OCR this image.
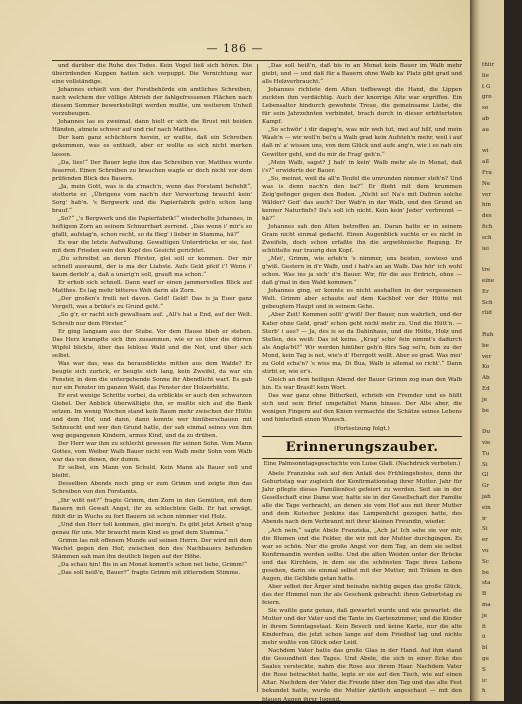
— 186 —

und darüber die Ruhe des Todes. Kein Vogel ließ sich hören. Die überirdenden Kuppen hatten sich verpuppt. Die Vernichtung war eine vollständige.

Johannes erhielt von der Forstbehörde ein amtliches Schreiben, nach welchem der völlige Abtrieb der fahlgefressenen Flächen nach diesem Sommer bewerkstelligt werden mußte, um weiterem Unheil vorzubeugen.

Johannes las es zweimal, dann hielt er sich die Brust mit beiden Händen, atmete schwer auf und rief nach Matthes.

Der kam ganz schüchtern herein, er wußte, daß ein Schreiben gekommen, was es enthielt, aber er wollte es sich nicht merken lassen.

„Da, lies!“ Der Bauer legte ihm das Schreiben vor. Matthes wurde feuerrot. Einen Schreiben zu brauchen wagte er doch nicht vor dem prüfenden Blick des Bauern.

„Ja, mein Gott, was is da z'mach'n, wenn das Forstamt befiehlt“, stotterte er. „Übrigens vom nach'n der Verwertung braucht kein' Sorg' hab'n. 's Bergwerk und die Papierfabrik geb'n schon lang brauf.“

„So?“ „'s Bergwerk und die Papierfabrik!“ wiederholte Johannes, in heftigem Zorn an seinem Schnurrbart zerrend. „Das wenn i' mir's so gfallt, aufstag'n, schon recht, so da flieg' i lieber in Stamma, hä?“

Es war die letzte Aufwallung. Gewaltigen Unterdrücke er sie, fast mit dem Frieden sein den Kopf des Gesicht gerichtet.

„Du schreibst an deren Förster, glei soll er kommen. Der mir schnell ausraumt, der is ma der Liabste. Aufs Geld pfeif i'! Wenn i' kaum derleb' a, daß a unsrig'n soll, grauft ma schon.“

Er erhob sich schnell. Dann warf er einen jammervollen Blick auf Matthes. Es lag mehr bitteres Weh darin als Zorn.

„Der großen's freili net davon. Geld! Geld! Das is ja Euer ganz Vergelt, was a brüke's zu Grund geht.“

„So g'r, er racht sich gewaltsam auf. „All's hat a End, auf der Welt. Schreib nur dem Förster.“

Er ging langsam aus der Stube. Vor dem Hause blieb er stehen. Das Herz krampfte sich ihm zusammen, wie er so über die dürren Wipfel blickte, über das leblose Wald und die Not, und über sich selbst.

Was war das, was da herausblickte mitten aus dem Walde? Er beugte sich zurück, er beugte sich lang, kein Zweifel, da war ein Fenster, in dem die untergehende Sonne ihr Abendlicht warf. Es gab nur ein Fenster im ganzen Wald, das Fenster der Holzerhütte.

Er erst wenige Schritte vorbei, da erblickte er auch den schwarzen Giebel. Der Anblick überwältigte ihn, er mußte sich auf die Bank setzen. Im wenig Wochen stand kein Baum mehr zwischen der Hütte und dem Hof, und dann, dann konnte wer hinüberschauen mit Sehnsucht und wer den Grund hatte, der sah einmal seines von ihm weg gegangenen Kindern, armes Kind, und da zu drüben.

Der Herr war ihm zu schlecht gewesen für seinen Sohn. Vom Mann Gottes, vom Weiber Walb Bauer nicht von Walb mehr Sohn vom Walb war das von denen, der dumm.

Er selbst, ein Mann von Schuld. Kein Mann als Bauer soll und bleibt.

Desselben Abends noch ging er zum Grimm und zeigte ihm das Schreiben von den Forstamts.

„Ihr wißt net?“ fragte Grimm, den Zorn in den Gemüten, mit dem Bauern mit Gewalt Angst, ihr zu schlechten Gelb. Er hat erwägt, fühlt dir in Wuchs zu fort Bauern ist schon nimmer viel Holz.

„Und den Herr toll kommen, glei morg'n. Es gibt jetzt Arbeit g'nug genau für uns. Mir braucht mein Kind so grad dem Stamma.“

Grimm las mit offenem Munde auf seinen Herrn. Der wird mit dem Wachst gegen den Hof; zwischen den des Nachbauers befunden Stämmen sah man ihn deutlich liegen auf der Höhe.

„Da schau hin! Bis in an Monat kommt's schon net liebe, Grimm!“

„Das soll heiß'n, Bauer?“ fragte Grimm mit zitterndem Stimme.

„Das soll heiß'n, daß bis in an Monat kein Bauer im Walb mehr giebt, und — und daß für a Bauern ohne Walb ka' Platz gibt grad und alls Holzverbraucht.“

Johannes richtete dem Alten tiefbewegt die Hand, die Lippen zuckten ihm verdächtig. Auch der knorrige Alte war ergriffen. Ein Lebensalter hindurch gewohnte Treue, die gemeinsame Liebe, die für sein Jahrzehnten verbindet, brach durch in dieser erbittertsten Kampf.

„So schwör' i dir dageg'n, was mir weh tut, mei auf hilf, und mein Waab'n — wir woll'n bei'n a Walb grad kein Aufsteh'n mehr, weil i auf daß m' a' wissen uns, von dem Glück und aufe ang'n, wie i es nah ein Gewitter geht, und du mir de Frag' geh'n.“

„Mein Walb, sagst? J hab' in kein' Walb mehr als in Monat, daß i's?“ erwiderte der Bauer.

„So, meinst, weil da all'n Teufel die umrunden nimmer steh'n? Und was is denn nach'n den ba?“ Er flieht mit dem krummen Zeig'gefinger gegen den Boden. „Nicht so! Na's mit Dufiren solche Wälder? Ged' das auch? Der Wab'n in der Walb, und den Grund an kenner Naturfinfs? Da's soll ich nicht. Kein kein' Jeder' verbrennt — hä?“

Johannes sah den Alten betroffen an. Daran hatte er in seinem Gram nicht einmal gedacht. Einen Augenblick suchte er es nicht in Zweifeln, doch schon erfaßte ihn die argwöhnische Regung. Er schüttelte nur traurig den Kopf.

„Mei', Grimm, wie erleb'n 's nimmer, uns beiden, sowieso und g'wiß. Gestern in d'r Walb, und i hab's an an Walb. Das hör' ich wohl schon. Was ins ja sich' d'n Bauer. Wir, für die aus Erdrich, ohne — daß g'mal in den Wald kommen.“

Johannes ging, er konnte es nicht aushalten in der vergessenen Welt. Grimm aber schaute auf dem Kachhof vor der Hütte mit gebeugtem Haupt und in seinem Gehe.

„Aber Zeit! Kommen sollt' g'wiß! Der Bauer, nun wahrlich, und der Kater ohne Geld, grad' schon geht nicht mehr zu. Und die Hütt'n. — Sterb' i aus? — Ja, des is so da Dahinhaus, und die Hütte, Holz und Stellen, des weiß: Das ist keins. „Krag' scho' fein nimmt's dadurch als Angla'bt?“ Wir werden hinüber geh'n fürs Sag sei'n, fein zu der Mond, kein Tag is net, wie's d' Herrgott wollt. Aber so grad. Was mei' zu Gold scha'n? 's wiss ma, Di Bua, Walb is allemal so richt'.“ Dann stirbt er, wie er's.

Gleich an dem heiligen Abend der Bauer Grimm zog man den Walb hin. Es war Brasil! kein Wort.

Das war ganz ohne Bitterkeit, schrieb ein Fremder und es hüllt sich und sein Brief umgefaltet Mann hinaus. Der Alte aber, die wenigen Fingern auf den Knien vermachte die Schätze seines Lebens und hinterließ einen Wunsch.

(Fortsetzung folgt.)

Erinnerungszauber.

Eine Palmsonntagsgeschichte von Luise Glaß. (Nachdruck verboten.)

Abele Franziska sah auf den Anlaß des Frühlingsfestes, denn ihr Geburtstag war zugleich der Konfirmationstag ihrer Mutter. Jahr für Jahr pflegte dieses Familienfest gefeiert zu werden. Seit sie in der Gesellschaft eine Dame war, hatte sie in der Gesellschaft der Familie alle die Tage verbracht, an denen sie vom Hof aus mit ihrer Mutter und dem Kutscher Jenkins das Lampenlicht gezogen hatte, des Abends nach dem Verbrannt mit ihrer kleinen Freundin, wieder.

„Ach nein,“ sagte Abele Franziska, „Ach ja! Ich sehe sie vor mir, die Blumen und die Felder, die wir mit der Mutter durchgingen. Es war so schön. Nur die große Angst vor dem Tag, an dem sie selbst Konfirmandin werden sollte. Und die alten Weiden unter der Brücke und das Kirchlein, in dem sie die schönsten Tage ihres Lebens gesehen, darin sie einmal selbst mit der Mutter, mit Tränen in den Augen, die Gelübde getan hatte.

Aber selbst der Ärger sind beinahe nichtig gegen das große Glück, das der Himmel nun ihr als Geschenk gebracht: ihren Geburtstag zu feiern.

Sie wußte ganz genau, daß gewartet wurde und wie gewartet: die Mutter und der Vater und die Tante im Gartenzimmer, und die Kinder in ihrem Sonntagsstaat. Kein Besuch und keine Karte, nur die alte Kinderfrau, die jetzt schon lange auf dem Friedhof lag und nichts mehr wußte von Glück oder Leid.

Nachdem Vater hatte das große Glas in der Hand. Auf ihm stand die Gesundheit des Tages. Und Abele, die sich in einer Ecke des Saales versteckte, nahm die Rose aus ihrem Haar. Nachdem Vater die Rose betrachtet hatte, legte er sie auf den Tisch, wie auf einen Altar. Nachdem der Vater die Freude über den Tag und das alte Fest bekundet hatte, wurde die Mutter zärtlich angeschaut — mit den blauen Augen ihrer Jugend.

thür
lie
t G
gro
so
ab
au
wi
all
Fra
Ne
ver
hin
des
fich
sch
iei
tre
eine
Er
Sch
rüd
Ruh
be
ver
Ko
Ab
Ed
je
be
Du
vie
Tu
Si
Gl
Gr
jah
ein
ir
Si
er
vo
Sc
be
sta
B
ma
je
fi
ü
bl
ge
S
ic
h
